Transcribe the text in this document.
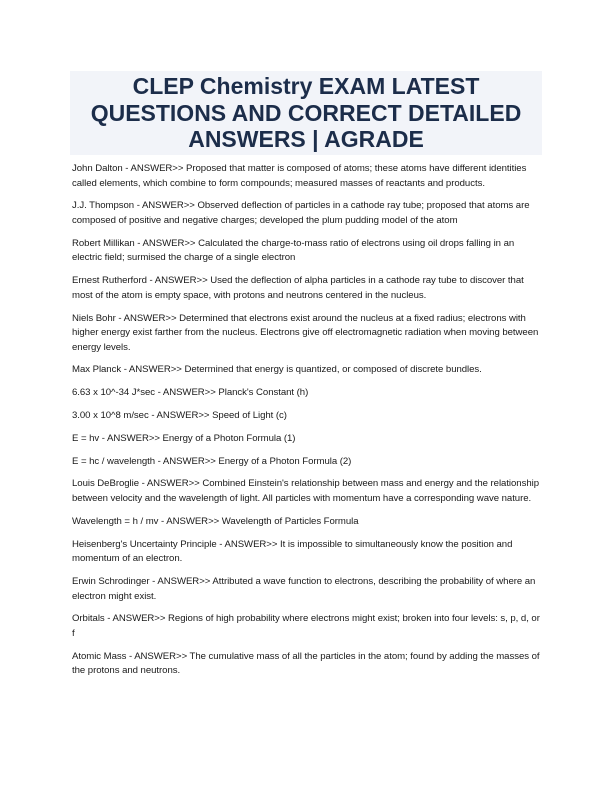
CLEP Chemistry EXAM LATEST QUESTIONS AND CORRECT DETAILED ANSWERS | AGRADE
John Dalton - ANSWER>> Proposed that matter is composed of atoms; these atoms have different identities called elements, which combine to form compounds; measured masses of reactants and products.
J.J. Thompson - ANSWER>> Observed deflection of particles in a cathode ray tube; proposed that atoms are composed of positive and negative charges; developed the plum pudding model of the atom
Robert Millikan - ANSWER>> Calculated the charge-to-mass ratio of electrons using oil drops falling in an electric field; surmised the charge of a single electron
Ernest Rutherford - ANSWER>> Used the deflection of alpha particles in a cathode ray tube to discover that most of the atom is empty space, with protons and neutrons centered in the nucleus.
Niels Bohr - ANSWER>> Determined that electrons exist around the nucleus at a fixed radius; electrons with higher energy exist farther from the nucleus. Electrons give off electromagnetic radiation when moving between energy levels.
Max Planck - ANSWER>> Determined that energy is quantized, or composed of discrete bundles.
6.63 x 10^-34 J*sec - ANSWER>> Planck's Constant (h)
3.00 x 10^8 m/sec - ANSWER>> Speed of Light (c)
E = hv - ANSWER>> Energy of a Photon Formula (1)
E = hc / wavelength - ANSWER>> Energy of a Photon Formula (2)
Louis DeBroglie - ANSWER>> Combined Einstein's relationship between mass and energy and the relationship between velocity and the wavelength of light. All particles with momentum have a corresponding wave nature.
Wavelength = h / mv - ANSWER>> Wavelength of Particles Formula
Heisenberg's Uncertainty Principle - ANSWER>> It is impossible to simultaneously know the position and momentum of an electron.
Erwin Schrodinger - ANSWER>> Attributed a wave function to electrons, describing the probability of where an electron might exist.
Orbitals - ANSWER>> Regions of high probability where electrons might exist; broken into four levels: s, p, d, or f
Atomic Mass - ANSWER>> The cumulative mass of all the particles in the atom; found by adding the masses of the protons and neutrons.
